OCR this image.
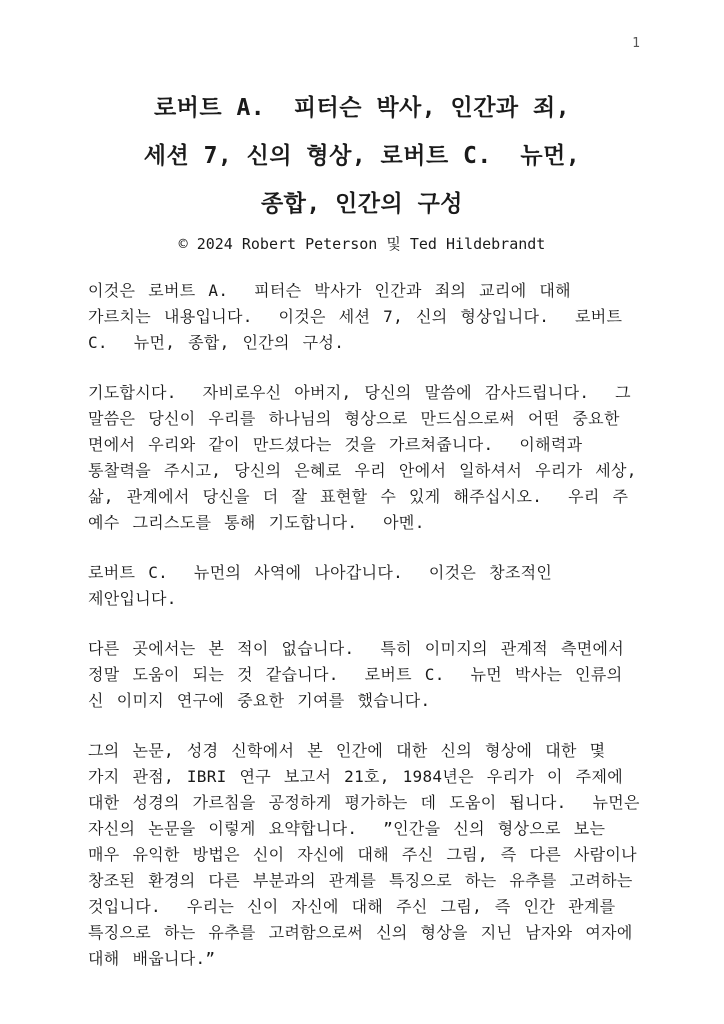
1
로버트 A.  피터슨 박사, 인간과 죄,
세션 7, 신의 형상, 로버트 C.  뉴먼,
종합, 인간의 구성
© 2024 Robert Peterson 및 Ted Hildebrandt

이것은 로버트 A.  피터슨 박사가 인간과 죄의 교리에 대해 가르치는 내용입니다.  이것은 세션 7, 신의 형상입니다.  로버트 C.  뉴먼, 종합, 인간의 구성.

기도합시다.  자비로우신 아버지, 당신의 말씀에 감사드립니다.  그 말씀은 당신이 우리를 하나님의 형상으로 만드심으로써 어떤 중요한 면에서 우리와 같이 만드셨다는 것을 가르쳐줍니다.  이해력과 통찰력을 주시고, 당신의 은혜로 우리 안에서 일하셔서 우리가 세상, 삶, 관계에서 당신을 더 잘 표현할 수 있게 해주십시오.  우리 주 예수 그리스도를 통해 기도합니다.  아멘.

로버트 C.  뉴먼의 사역에 나아갑니다.  이것은 창조적인 제안입니다.

다른 곳에서는 본 적이 없습니다.  특히 이미지의 관계적 측면에서 정말 도움이 되는 것 같습니다.  로버트 C.  뉴먼 박사는 인류의 신 이미지 연구에 중요한 기여를 했습니다.

그의 논문, 성경 신학에서 본 인간에 대한 신의 형상에 대한 몇 가지 관점, IBRI 연구 보고서 21호, 1984년은 우리가 이 주제에 대한 성경의 가르침을 공정하게 평가하는 데 도움이 됩니다.  뉴먼은 자신의 논문을 이렇게 요약합니다.  ”인간을 신의 형상으로 보는 매우 유익한 방법은 신이 자신에 대해 주신 그림, 즉 다른 사람이나 창조된 환경의 다른 부분과의 관계를 특징으로 하는 유추를 고려하는 것입니다.  우리는 신이 자신에 대해 주신 그림, 즉 인간 관계를 특징으로 하는 유추를 고려함으로써 신의 형상을 지닌 남자와 여자에 대해 배웁니다.”
